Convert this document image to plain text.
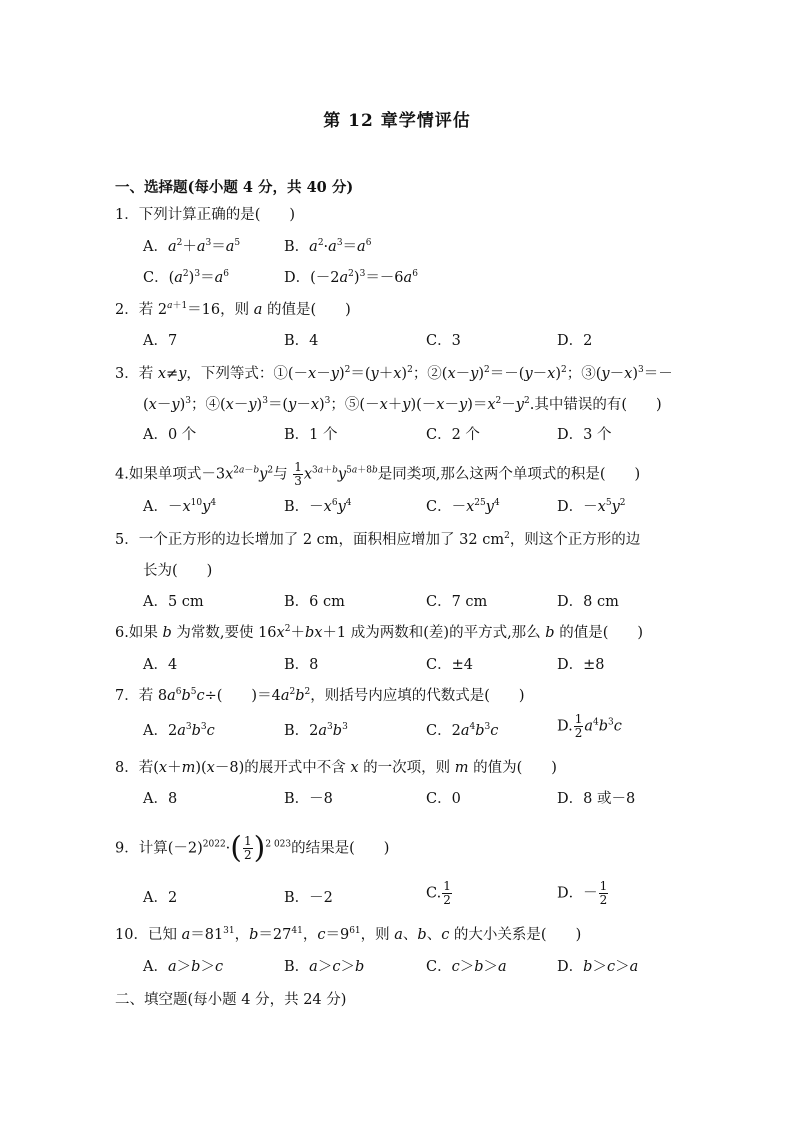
第 12 章学情评估
一、选择题(每小题 4 分，共 40 分)
1．下列计算正确的是(　　)
A．$a^2+a^3=a^5$	B．$a^2\cdot a^3=a^6$
C．$(a^2)^3=a^6$	D．$(-2a^2)^3=-6a^6$
2．若 $2^{a+1}=16$，则 a 的值是(　　)
A．7	B．4	C．3	D．2
3．若 x≠y，下列等式：$①(-x-y)^2=(y+x)^2$；$②(x-y)^2=-(y-x)^2$；$③(y-x)^3=-$
$(x-y)^3$；$④(x-y)^3=(y-x)^3$；$⑤(-x+y)(-x-y)=x^2-y^2$.其中错误的有(　　)
A．0 个	B．1 个	C．2 个	D．3 个
4.如果单项式$-3x^{2a-b}y^2$与 $\frac{1}{3} x^{3a+b}y^{5a+8b}$是同类项,那么这两个单项式的积是(　　)
A．$-x^{10}y^4$	B．$-x^6y^4$	C．$-x^{25}y^4$	D．$-x^5y^2$
5．一个正方形的边长增加了 2 cm，面积相应增加了 32 $cm^2$，则这个正方形的边
长为(　　)
A．5 cm	B．6 cm	C．7 cm	D．8 cm
6.如果 b 为常数,要使 $16x^2+bx+1$ 成为两数和(差)的平方式,那么 b 的值是(　　)
A．4	B．8	C．±4	D．±8
7．若 $8a^6b^5c\div$(　　)$=4a^2b^2$，则括号内应填的代数式是(　　)
A．$2a^3b^3c$	B．$2a^3b^3$	C．$2a^4b^3c$	D. $\frac{1}{2} a^4b^3c$
8．若(x＋m)(x－8)的展开式中不含 x 的一次项，则 m 的值为(　　)
A．8	B．－8	C．0	D．8 或－8
9．计算$(-2)^{2022}\cdot( \frac{1}{2} )^{2 023}$的结果是(　　)
A．2	B．－2	C. $\frac{1}{2}$	D．－ $\frac{1}{2}$
10．已知 $a=81^{31}$，$b=27^{41}$，$c=9^{61}$，则 a、b、c 的大小关系是(　　)
A．a＞b＞c	B．a＞c＞b	C．c＞b＞a	D．b＞c＞a
二、填空题(每小题 4 分，共 24 分)
